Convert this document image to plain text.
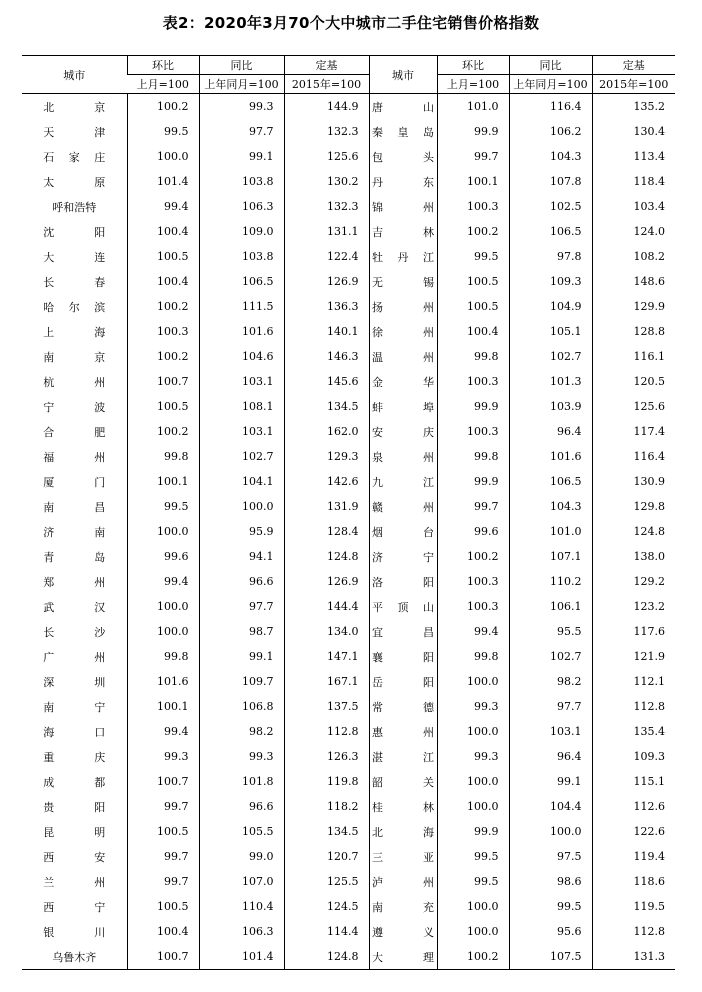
表2：2020年3月70个大中城市二手住宅销售价格指数
城市	环比	同比	定基	城市	环比	同比	定基
	上月=100	上年同月=100	2015年=100		上月=100	上年同月=100	2015年=100
北　京	100.2	99.3	144.9	唐　山	101.0	116.4	135.2
天　津	99.5	97.7	132.3	秦皇岛	99.9	106.2	130.4
石家庄	100.0	99.1	125.6	包　头	99.7	104.3	113.4
太　原	101.4	103.8	130.2	丹　东	100.1	107.8	118.4
呼和浩特	99.4	106.3	132.3	锦　州	100.3	102.5	103.4
沈　阳	100.4	109.0	131.1	吉　林	100.2	106.5	124.0
大　连	100.5	103.8	122.4	牡丹江	99.5	97.8	108.2
长　春	100.4	106.5	126.9	无　锡	100.5	109.3	148.6
哈尔滨	100.2	111.5	136.3	扬　州	100.5	104.9	129.9
上　海	100.3	101.6	140.1	徐　州	100.4	105.1	128.8
南　京	100.2	104.6	146.3	温　州	99.8	102.7	116.1
杭　州	100.7	103.1	145.6	金　华	100.3	101.3	120.5
宁　波	100.5	108.1	134.5	蚌　埠	99.9	103.9	125.6
合　肥	100.2	103.1	162.0	安　庆	100.3	96.4	117.4
福　州	99.8	102.7	129.3	泉　州	99.8	101.6	116.4
厦　门	100.1	104.1	142.6	九　江	99.9	106.5	130.9
南　昌	99.5	100.0	131.9	赣　州	99.7	104.3	129.8
济　南	100.0	95.9	128.4	烟　台	99.6	101.0	124.8
青　岛	99.6	94.1	124.8	济　宁	100.2	107.1	138.0
郑　州	99.4	96.6	126.9	洛　阳	100.3	110.2	129.2
武　汉	100.0	97.7	144.4	平顶山	100.3	106.1	123.2
长　沙	100.0	98.7	134.0	宜　昌	99.4	95.5	117.6
广　州	99.8	99.1	147.1	襄　阳	99.8	102.7	121.9
深　圳	101.6	109.7	167.1	岳　阳	100.0	98.2	112.1
南　宁	100.1	106.8	137.5	常　德	99.3	97.7	112.8
海　口	99.4	98.2	112.8	惠　州	100.0	103.1	135.4
重　庆	99.3	99.3	126.3	湛　江	99.3	96.4	109.3
成　都	100.7	101.8	119.8	韶　关	100.0	99.1	115.1
贵　阳	99.7	96.6	118.2	桂　林	100.0	104.4	112.6
昆　明	100.5	105.5	134.5	北　海	99.9	100.0	122.6
西　安	99.7	99.0	120.7	三　亚	99.5	97.5	119.4
兰　州	99.7	107.0	125.5	泸　州	99.5	98.6	118.6
西　宁	100.5	110.4	124.5	南　充	100.0	99.5	119.5
银　川	100.4	106.3	114.4	遵　义	100.0	95.6	112.8
乌鲁木齐	100.7	101.4	124.8	大　理	100.2	107.5	131.3
